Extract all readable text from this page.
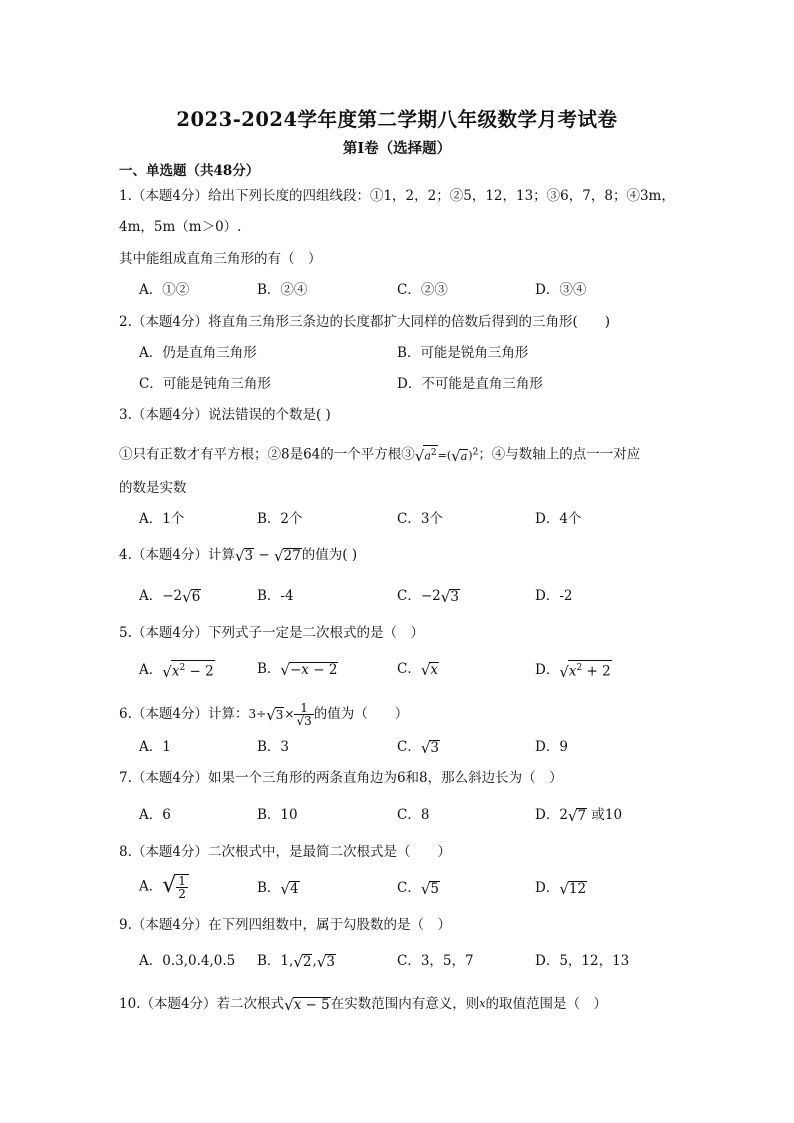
2023-2024学年度第二学期八年级数学月考试卷
第Ⅰ卷（选择题）
一、单选题（共48分）
1.（本题4分）给出下列长度的四组线段：①1，2，2；②5，12，13；③6，7，8；④3m，
4m，5m（m＞0）.
其中能组成直角三角形的有（　）
A．①②	B．②④	C．②③	D．③④
2.（本题4分）将直角三角形三条边的长度都扩大同样的倍数后得到的三角形(　　)
A．仍是直角三角形	B．可能是锐角三角形
C．可能是钝角三角形	D．不可能是直角三角形
3.（本题4分）说法错误的个数是( )
①只有正数才有平方根；②8是64的一个平方根$③√a^2=(√a)^2$；④与数轴上的点一一对应
的数是实数
A．1个	B．2个	C．3个	D．4个
4.（本题4分）计算√3 − √27的值为( )
A．−2√6	B．-4	C．−2√3	D．-2
5.（本题4分）下列式子一定是二次根式的是（　）
A．$√x^2 - 2$	B．√−x − 2	C．√x	D．$√x^2 + 2$
6.（本题4分）计算：$3\div√3\times \frac{1}{√3}$ 的值为（　　）
A．1	B．3	C．√3	D．9
7.（本题4分）如果一个三角形的两条直角边为6和8，那么斜边长为（　）
A．6	B．10	C．8	D．2√7 或10
8.（本题4分）二次根式中，是最简二次根式是（　　）
A．√ $\frac{1}{2}$	B．√4	C．√5	D．√12
9.（本题4分）在下列四组数中，属于勾股数的是（　）
A．0.3,0.4,0.5 B．1,√2,√3	C．3，5，7	D．5，12，13
10.（本题4分）若二次根式√x − 5在实数范围内有意义，则$^x$的取值范围是（　）
